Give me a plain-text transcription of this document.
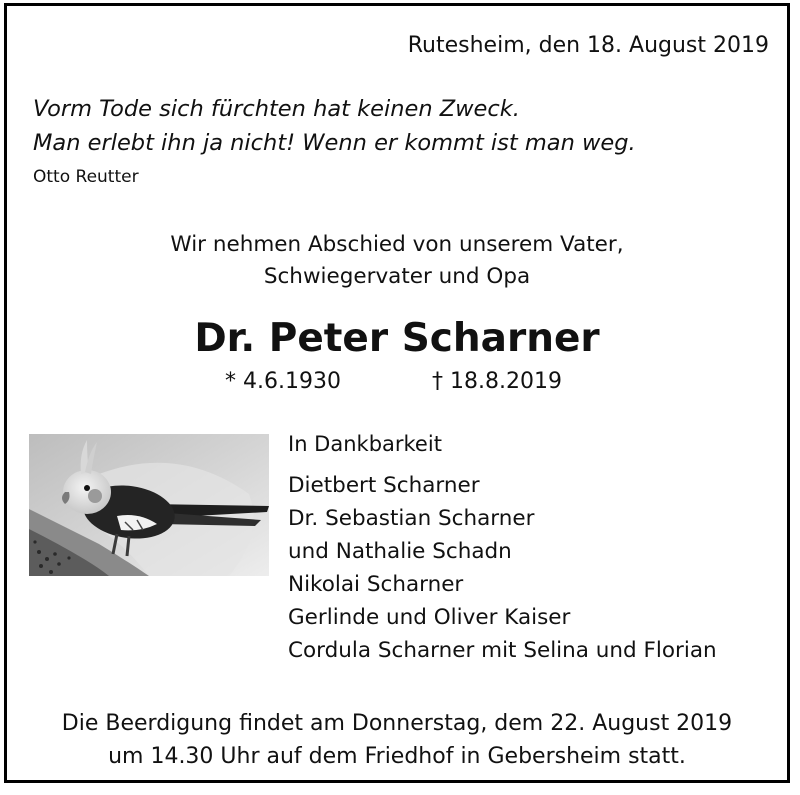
Rutesheim, den 18. August 2019
Vorm Tode sich fürchten hat keinen Zweck.
Man erlebt ihn ja nicht! Wenn er kommt ist man weg.
Otto Reutter
Wir nehmen Abschied von unserem Vater,
Schwiegervater und Opa
Dr. Peter Scharner
* 4.6.1930	† 18.8.2019
In Dankbarkeit
Dietbert Scharner
Dr. Sebastian Scharner
und Nathalie Schadn
Nikolai Scharner
Gerlinde und Oliver Kaiser
Cordula Scharner mit Selina und Florian
Die Beerdigung findet am Donnerstag, dem 22. August 2019
um 14.30 Uhr auf dem Friedhof in Gebersheim statt.
